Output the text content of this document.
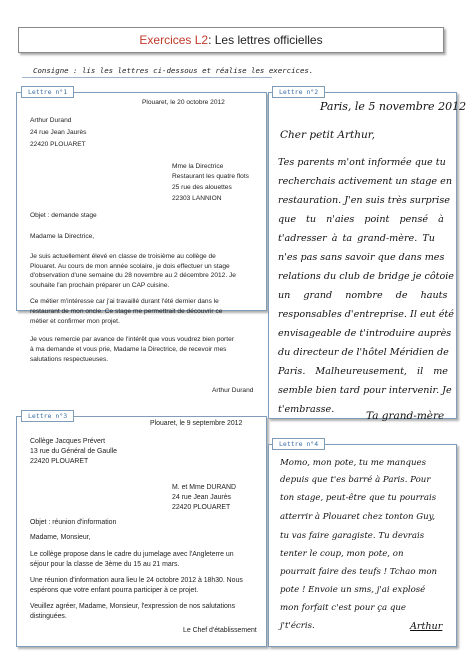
Exercices L2 : Les lettres officielles
Consigne : lis les lettres ci-dessous et réalise les exercices.
Lettre n°1
Plouaret, le 20 octobre 2012
Arthur Durand
24 rue Jean Jaurès
22420 PLOUARET
Mme la Directrice
Restaurant les quatre flots
25 rue des alouettes
22303 LANNION
Objet : demande stage
Madame la Directrice,
Je suis actuellement élevé en classe de troisième au collège de
Plouaret. Au cours de mon année scolaire, je dois effectuer un stage
d'observation d'une semaine du 28 novembre au 2 décembre 2012. Je
souhaite l'an prochain préparer un CAP cuisine.
Ce métier m'intéresse car j'ai travaillé durant l'été dernier dans le
restaurant de mon oncle. Ce stage me permettrait de découvrir ce
métier et confirmer mon projet.
Je vous remercie par avance de l'intérêt que vous voudrez bien porter
à ma demande et vous prie, Madame la Directrice, de recevoir mes
salutations respectueuses.
Arthur Durand
Lettre n°2
Paris, le 5 novembre 2012
Cher petit Arthur,
Tes parents m'ont informée que tu
recherchais activement un stage en
restauration. J'en suis très surprise
que tu n'aies point pensé à
t'adresser à ta grand-mère. Tu
n'es pas sans savoir que dans mes
relations du club de bridge je côtoie
un grand nombre de hauts
responsables d'entreprise. Il eut été
envisageable de t'introduire auprès
du directeur de l'hôtel Méridien de
Paris. Malheureusement, il me
semble bien tard pour intervenir. Je
t'embrasse.
Ta grand-mère
Lettre n°3
Plouaret, le 9 septembre 2012
Collège Jacques Prévert
13 rue du Général de Gaulle
22420 PLOUARET
M. et Mme DURAND
24 rue Jean Jaurès
22420 PLOUARET
Objet : réunion d'information
Madame, Monsieur,
Le collège propose dans le cadre du jumelage avec l'Angleterre un
séjour pour la classe de 3ème du 15 au 21 mars.
Une réunion d'information aura lieu le 24 octobre 2012 à 18h30. Nous
espérons que votre enfant pourra participer à ce projet.
Veuillez agréer, Madame, Monsieur, l'expression de nos salutations
distinguées.
Le Chef d'établissement
Lettre n°4
Momo, mon pote, tu me manques
depuis que t'es barré à Paris. Pour
ton stage, peut-être que tu pourrais
atterrir à Plouaret chez tonton Guy,
tu vas faire garagiste. Tu devrais
tenter le coup, mon pote, on
pourrait faire des teufs ! Tchao mon
pote ! Envoie un sms, j'ai explosé
mon forfait c'est pour ça que
j't'écris.	Arthur
